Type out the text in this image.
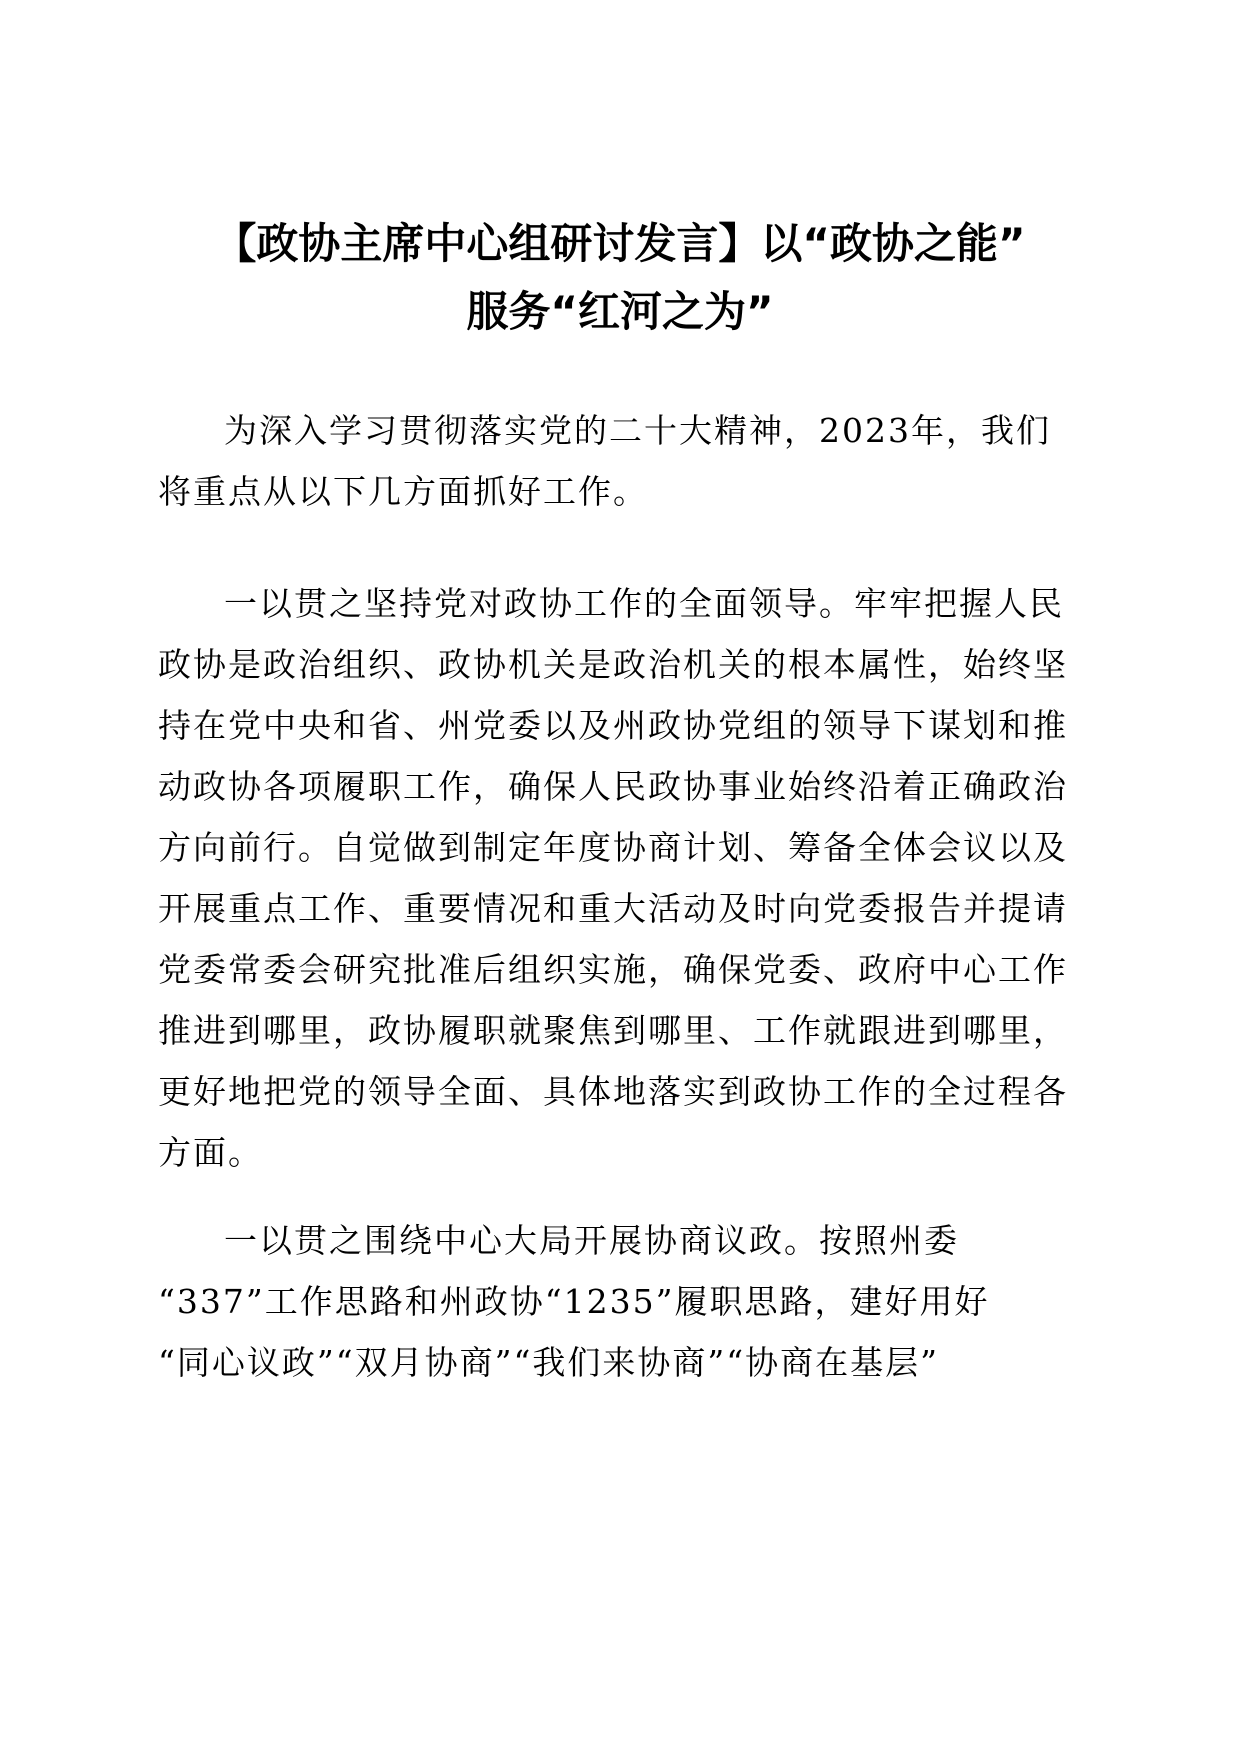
【政协主席中心组研讨发言】以“政协之能”
服务“红河之为”
为深入学习贯彻落实党的二十大精神，2023年，我们
将重点从以下几方面抓好工作。
一以贯之坚持党对政协工作的全面领导。牢牢把握人民
政协是政治组织、政协机关是政治机关的根本属性，始终坚
持在党中央和省、州党委以及州政协党组的领导下谋划和推
动政协各项履职工作，确保人民政协事业始终沿着正确政治
方向前行。自觉做到制定年度协商计划、筹备全体会议以及
开展重点工作、重要情况和重大活动及时向党委报告并提请
党委常委会研究批准后组织实施，确保党委、政府中心工作
推进到哪里，政协履职就聚焦到哪里、工作就跟进到哪里，
更好地把党的领导全面、具体地落实到政协工作的全过程各
方面。
一以贯之围绕中心大局开展协商议政。按照州委
“337”工作思路和州政协“1235”履职思路，建好用好
“同心议政”“双月协商”“我们来协商”“协商在基层”
